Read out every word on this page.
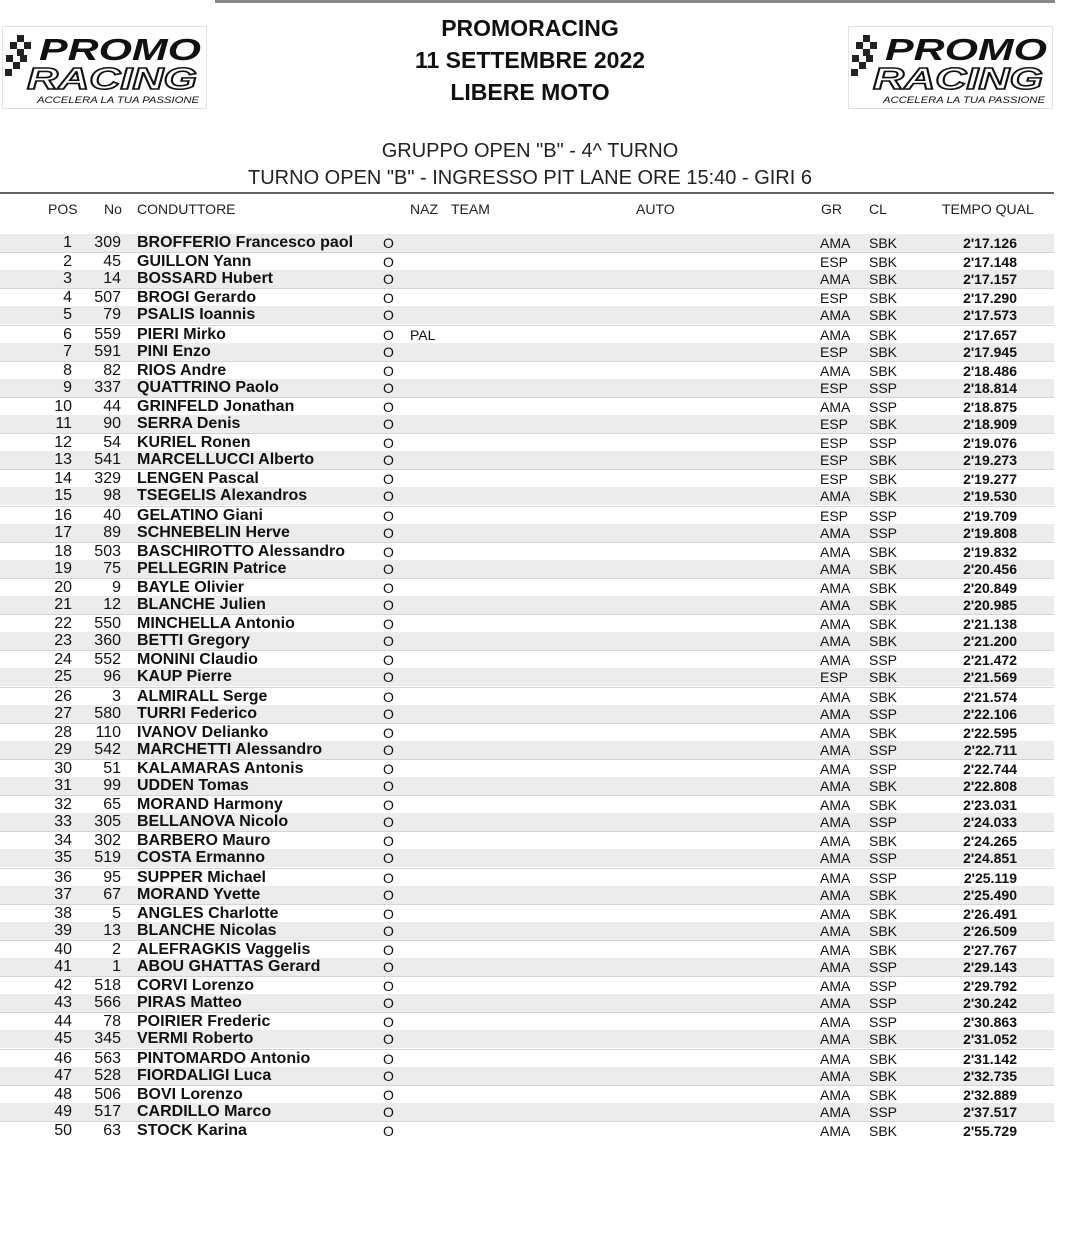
PROMO
RACING
ACCELERA LA TUA PASSIONE
PROMO
RACING
ACCELERA LA TUA PASSIONE
PROMORACING
11 SETTEMBRE 2022
LIBERE MOTO
GRUPPO OPEN "B" - 4^ TURNO
TURNO OPEN "B" - INGRESSO PIT LANE ORE 15:40 - GIRI 6
POS No CONDUTTORE	NAZ TEAM	AUTO	GR CL	TEMPO QUAL
1	309 BROFFERIO Francesco paol O	AMA SBK	2'17.126
2	45 GUILLON Yann	O	ESP SBK	2'17.148
3	14 BOSSARD Hubert	O	AMA SBK	2'17.157
4	507 BROGI Gerardo	O	ESP SBK	2'17.290
5	79 PSALIS Ioannis	O	AMA SBK	2'17.573
6	559 PIERI Mirko	O PAL	AMA SBK	2'17.657
7	591 PINI Enzo	O	ESP SBK	2'17.945
8	82 RIOS Andre	O	AMA SBK	2'18.486
9	337 QUATTRINO Paolo	O	ESP SSP	2'18.814
10	44 GRINFELD Jonathan	O	AMA SSP	2'18.875
11	90 SERRA Denis	O	ESP SBK	2'18.909
12	54 KURIEL Ronen	O	ESP SSP	2'19.076
13	541 MARCELLUCCI Alberto	O	ESP SBK	2'19.273
14	329 LENGEN Pascal	O	ESP SBK	2'19.277
15	98 TSEGELIS Alexandros	O	AMA SBK	2'19.530
16	40 GELATINO Giani	O	ESP SSP	2'19.709
17	89 SCHNEBELIN Herve	O	AMA SSP	2'19.808
18	503 BASCHIROTTO Alessandro	O	AMA SBK	2'19.832
19	75 PELLEGRIN Patrice	O	AMA SBK	2'20.456
20	9 BAYLE Olivier	O	AMA SBK	2'20.849
21	12 BLANCHE Julien	O	AMA SBK	2'20.985
22	550 MINCHELLA Antonio	O	AMA SBK	2'21.138
23	360 BETTI Gregory	O	AMA SBK	2'21.200
24	552 MONINI Claudio	O	AMA SSP	2'21.472
25	96 KAUP Pierre	O	ESP SBK	2'21.569
26	3 ALMIRALL Serge	O	AMA SBK	2'21.574
27	580 TURRI Federico	O	AMA SSP	2'22.106
28	110 IVANOV Delianko	O	AMA SBK	2'22.595
29	542 MARCHETTI Alessandro	O	AMA SSP	2'22.711
30	51 KALAMARAS Antonis	O	AMA SSP	2'22.744
31	99 UDDEN Tomas	O	AMA SBK	2'22.808
32	65 MORAND Harmony	O	AMA SBK	2'23.031
33	305 BELLANOVA Nicolo	O	AMA SSP	2'24.033
34	302 BARBERO Mauro	O	AMA SBK	2'24.265
35	519 COSTA Ermanno	O	AMA SSP	2'24.851
36	95 SUPPER Michael	O	AMA SSP	2'25.119
37	67 MORAND Yvette	O	AMA SBK	2'25.490
38	5 ANGLES Charlotte	O	AMA SBK	2'26.491
39	13 BLANCHE Nicolas	O	AMA SBK	2'26.509
40	2 ALEFRAGKIS Vaggelis	O	AMA SBK	2'27.767
41	1 ABOU GHATTAS Gerard	O	AMA SSP	2'29.143
42	518 CORVI Lorenzo	O	AMA SSP	2'29.792
43	566 PIRAS Matteo	O	AMA SSP	2'30.242
44	78 POIRIER Frederic	O	AMA SSP	2'30.863
45	345 VERMI Roberto	O	AMA SBK	2'31.052
46	563 PINTOMARDO Antonio	O	AMA SBK	2'31.142
47	528 FIORDALIGI Luca	O	AMA SBK	2'32.735
48	506 BOVI Lorenzo	O	AMA SBK	2'32.889
49	517 CARDILLO Marco	O	AMA SSP	2'37.517
50	63 STOCK Karina	O	AMA SBK	2'55.729
